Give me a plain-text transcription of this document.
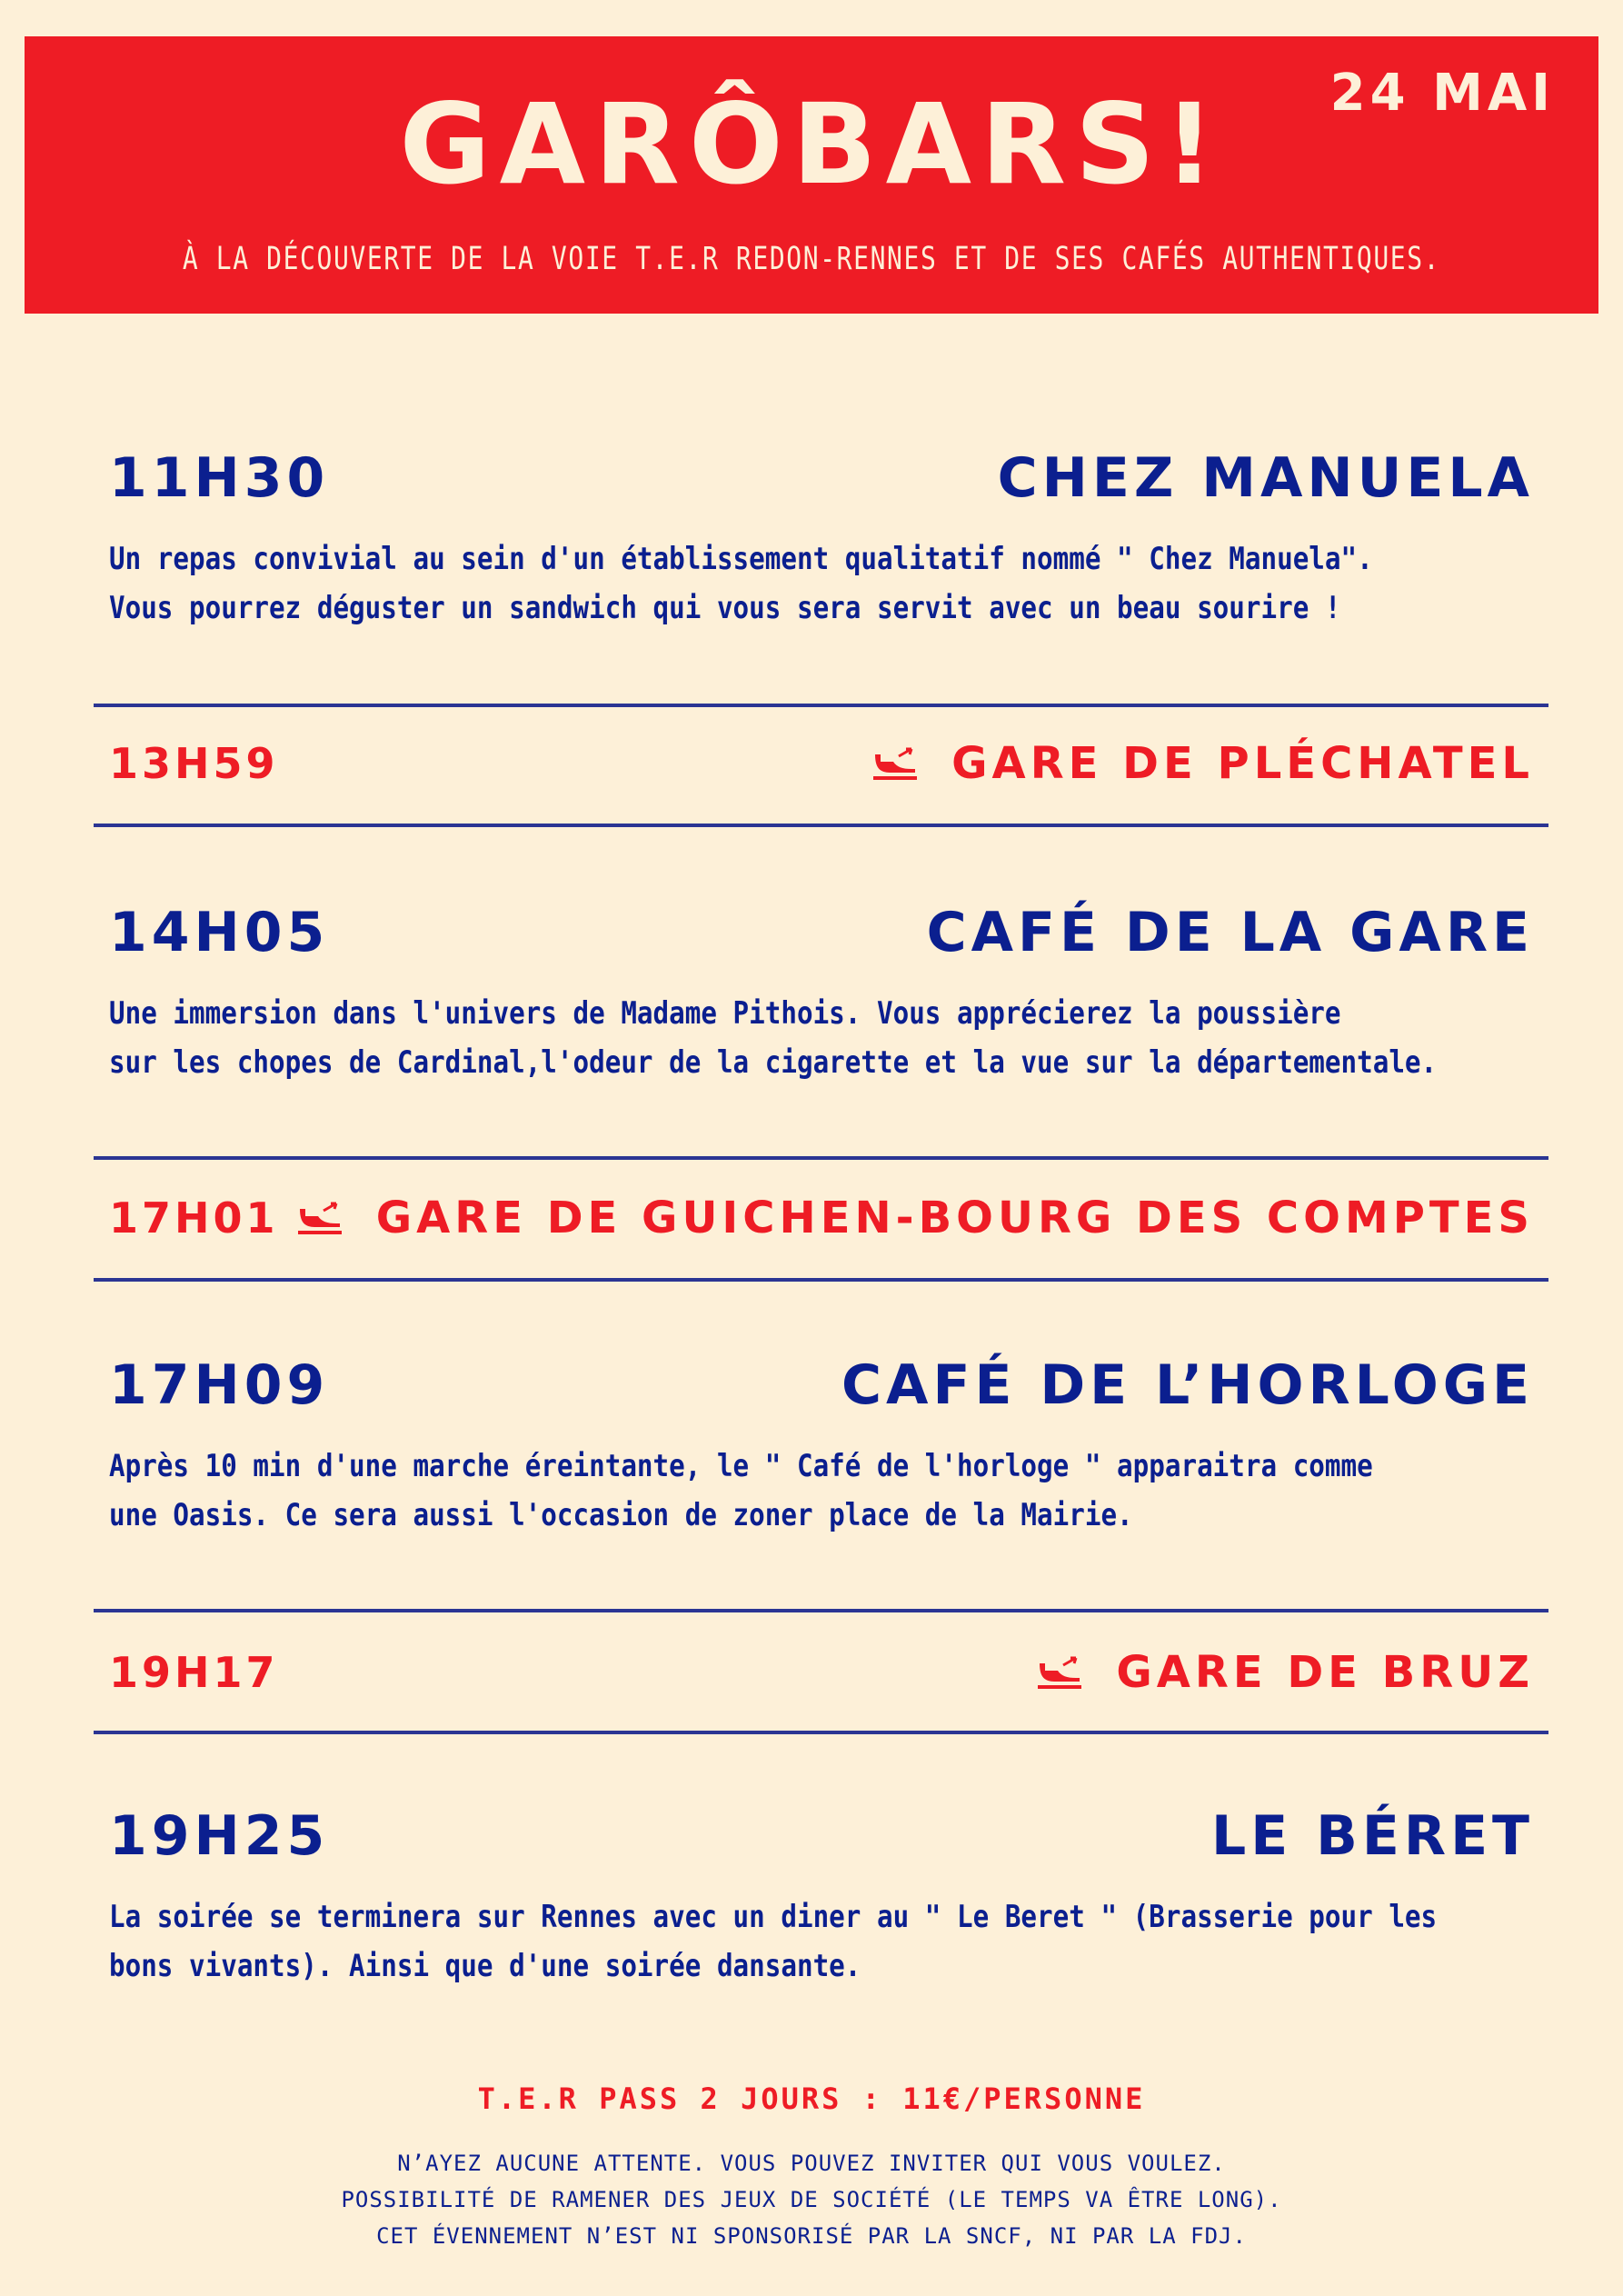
24 MAI
GARÔBARS!
À LA DÉCOUVERTE DE LA VOIE T.E.R REDON-RENNES ET DE SES CAFÉS AUTHENTIQUES.
11H30	CHEZ MANUELA
Un repas convivial au sein d'un établissement qualitatif nommé " Chez Manuela".
Vous pourrez déguster un sandwich qui vous sera servit avec un beau sourire !
13H59	GARE DE PLÉCHATEL
14H05	CAFÉ DE LA GARE
Une immersion dans l'univers de Madame Pithois. Vous apprécierez la poussière
sur les chopes de Cardinal,l'odeur de la cigarette et la vue sur la départementale.
17H01 GARE DE GUICHEN-BOURG DES COMPTES
17H09	CAFÉ DE L’HORLOGE
Après 10 min d'une marche éreintante, le " Café de l'horloge " apparaitra comme
une Oasis. Ce sera aussi l'occasion de zoner place de la Mairie.
19H17	GARE DE BRUZ
19H25	LE BÉRET
La soirée se terminera sur Rennes avec un diner au " Le Beret " (Brasserie pour les
bons vivants). Ainsi que d'une soirée dansante.
T.E.R PASS 2 JOURS : 11€/PERSONNE
N’AYEZ AUCUNE ATTENTE. VOUS POUVEZ INVITER QUI VOUS VOULEZ.
POSSIBILITÉ DE RAMENER DES JEUX DE SOCIÉTÉ (LE TEMPS VA ÊTRE LONG).
CET ÉVENNEMENT N’EST NI SPONSORISÉ PAR LA SNCF, NI PAR LA FDJ.
